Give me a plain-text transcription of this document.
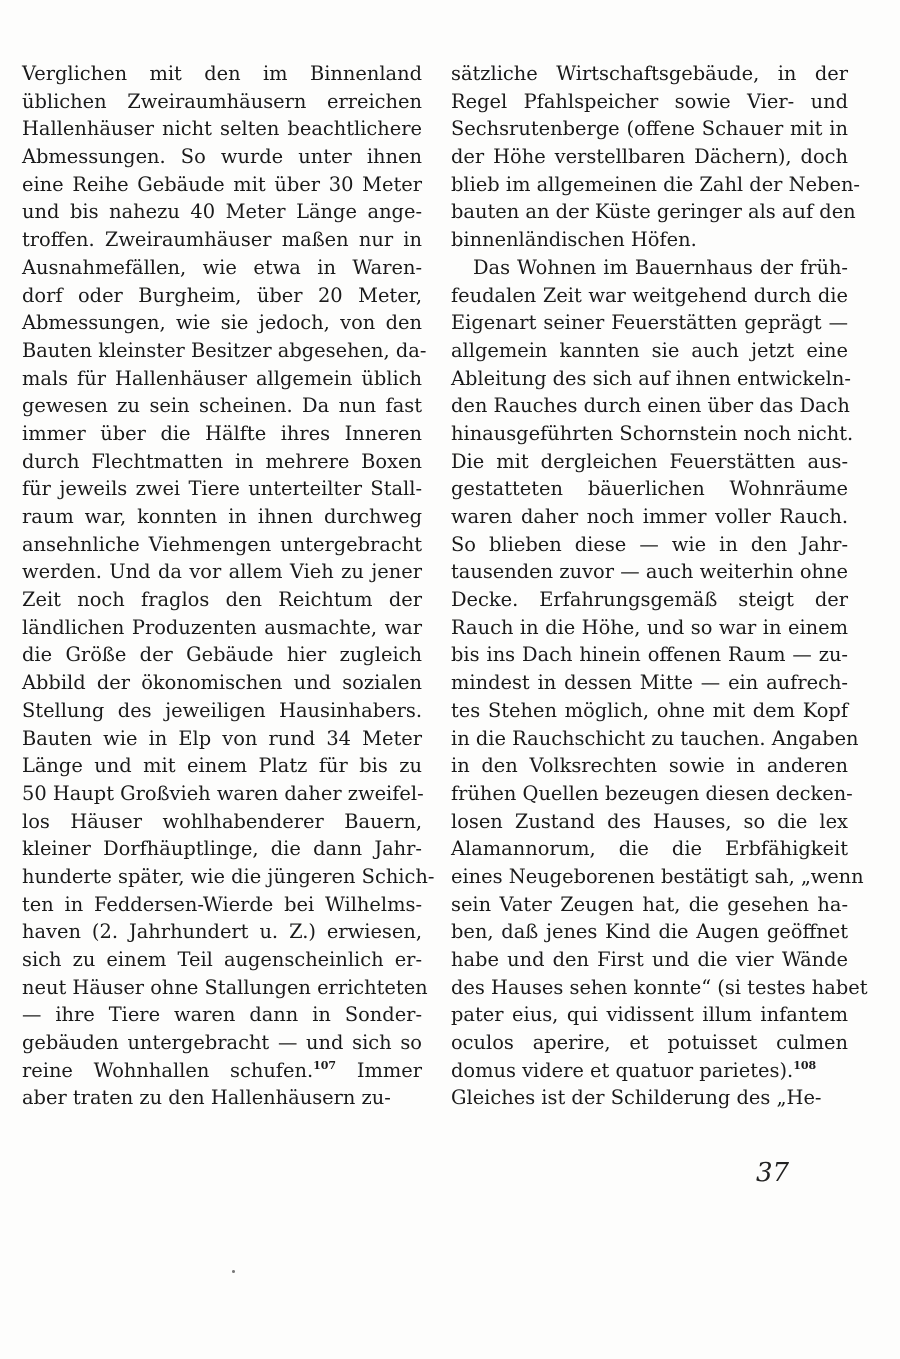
Verglichen mit den im Binnenland
üblichen Zweiraumhäusern erreichen
Hallenhäuser nicht selten beachtlichere
Abmessungen. So wurde unter ihnen
eine Reihe Gebäude mit über 30 Meter
und bis nahezu 40 Meter Länge ange-
troffen. Zweiraumhäuser maßen nur in
Ausnahmefällen, wie etwa in Waren-
dorf oder Burgheim, über 20 Meter,
Abmessungen, wie sie jedoch, von den
Bauten kleinster Besitzer abgesehen, da-
mals für Hallenhäuser allgemein üblich
gewesen zu sein scheinen. Da nun fast
immer über die Hälfte ihres Inneren
durch Flechtmatten in mehrere Boxen
für jeweils zwei Tiere unterteilter Stall-
raum war, konnten in ihnen durchweg
ansehnliche Viehmengen untergebracht
werden. Und da vor allem Vieh zu jener
Zeit noch fraglos den Reichtum der
ländlichen Produzenten ausmachte, war
die Größe der Gebäude hier zugleich
Abbild der ökonomischen und sozialen
Stellung des jeweiligen Hausinhabers.
Bauten wie in Elp von rund 34 Meter
Länge und mit einem Platz für bis zu
50 Haupt Großvieh waren daher zweifel-
los Häuser wohlhabenderer Bauern,
kleiner Dorfhäuptlinge, die dann Jahr-
hunderte später, wie die jüngeren Schich-
ten in Feddersen-Wierde bei Wilhelms-
haven (2. Jahrhundert u. Z.) erwiesen,
sich zu einem Teil augenscheinlich er-
neut Häuser ohne Stallungen errichteten
— ihre Tiere waren dann in Sonder-
gebäuden untergebracht — und sich so
reine Wohnhallen schufen.$^{107}$ Immer
aber traten zu den Hallenhäusern zu-
sätzliche Wirtschaftsgebäude, in der
Regel Pfahlspeicher sowie Vier- und
Sechsrutenberge (offene Schauer mit in
der Höhe verstellbaren Dächern), doch
blieb im allgemeinen die Zahl der Neben-
bauten an der Küste geringer als auf den
binnenländischen Höfen.
Das Wohnen im Bauernhaus der früh-
feudalen Zeit war weitgehend durch die
Eigenart seiner Feuerstätten geprägt —
allgemein kannten sie auch jetzt eine
Ableitung des sich auf ihnen entwickeln-
den Rauches durch einen über das Dach
hinausgeführten Schornstein noch nicht.
Die mit dergleichen Feuerstätten aus-
gestatteten bäuerlichen Wohnräume
waren daher noch immer voller Rauch.
So blieben diese — wie in den Jahr-
tausenden zuvor — auch weiterhin ohne
Decke. Erfahrungsgemäß steigt der
Rauch in die Höhe, und so war in einem
bis ins Dach hinein offenen Raum — zu-
mindest in dessen Mitte — ein aufrech-
tes Stehen möglich, ohne mit dem Kopf
in die Rauchschicht zu tauchen. Angaben
in den Volksrechten sowie in anderen
frühen Quellen bezeugen diesen decken-
losen Zustand des Hauses, so die lex
Alamannorum, die die Erbfähigkeit
eines Neugeborenen bestätigt sah, „wenn
sein Vater Zeugen hat, die gesehen ha-
ben, daß jenes Kind die Augen geöffnet
habe und den First und die vier Wände
des Hauses sehen konnte“ (si testes habet
pater eius, qui vidissent illum infantem
oculos aperire, et potuisset culmen
domus videre et quatuor parietes).$^{108}$
Gleiches ist der Schilderung des „He-
37
